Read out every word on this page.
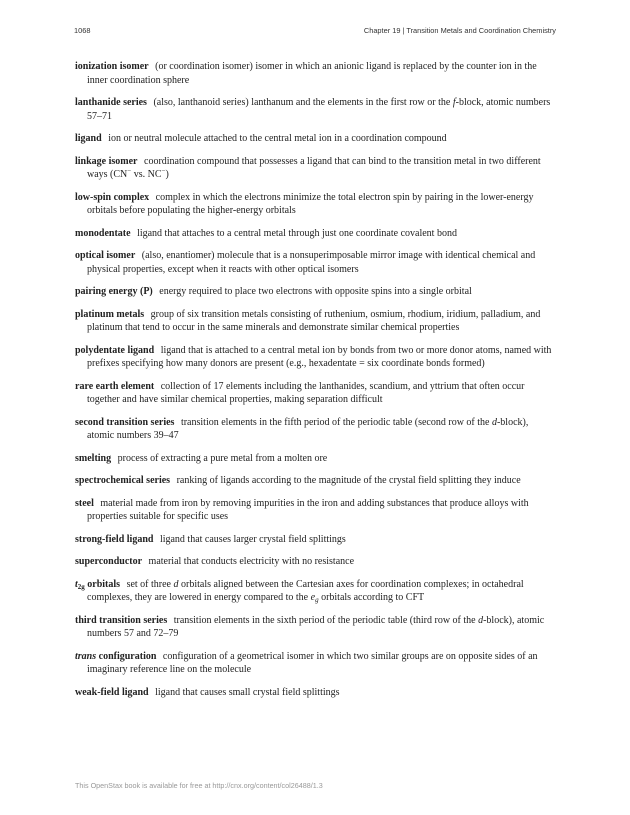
1068	Chapter 19 | Transition Metals and Coordination Chemistry

ionization isomer (or coordination isomer) isomer in which an anionic ligand is replaced by the counter ion in the inner coordination sphere

lanthanide series (also, lanthanoid series) lanthanum and the elements in the first row or the f-block, atomic numbers 57–71

ligand ion or neutral molecule attached to the central metal ion in a coordination compound

linkage isomer coordination compound that possesses a ligand that can bind to the transition metal in two different ways (CN− vs. NC−)

low-spin complex complex in which the electrons minimize the total electron spin by pairing in the lower-energy orbitals before populating the higher-energy orbitals

monodentate ligand that attaches to a central metal through just one coordinate covalent bond

optical isomer (also, enantiomer) molecule that is a nonsuperimposable mirror image with identical chemical and physical properties, except when it reacts with other optical isomers

pairing energy (P) energy required to place two electrons with opposite spins into a single orbital

platinum metals group of six transition metals consisting of ruthenium, osmium, rhodium, iridium, palladium, and platinum that tend to occur in the same minerals and demonstrate similar chemical properties

polydentate ligand ligand that is attached to a central metal ion by bonds from two or more donor atoms, named with prefixes specifying how many donors are present (e.g., hexadentate = six coordinate bonds formed)

rare earth element collection of 17 elements including the lanthanides, scandium, and yttrium that often occur together and have similar chemical properties, making separation difficult

second transition series transition elements in the fifth period of the periodic table (second row of the d-block), atomic numbers 39–47

smelting process of extracting a pure metal from a molten ore

spectrochemical series ranking of ligands according to the magnitude of the crystal field splitting they induce

steel material made from iron by removing impurities in the iron and adding substances that produce alloys with properties suitable for specific uses

strong-field ligand ligand that causes larger crystal field splittings

superconductor material that conducts electricity with no resistance

$t_{2g}$ orbitals set of three d orbitals aligned between the Cartesian axes for coordination complexes; in octahedral complexes, they are lowered in energy compared to the $e_g$ orbitals according to CFT

third transition series transition elements in the sixth period of the periodic table (third row of the d-block), atomic numbers 57 and 72–79

trans configuration configuration of a geometrical isomer in which two similar groups are on opposite sides of an imaginary reference line on the molecule

weak-field ligand ligand that causes small crystal field splittings

This OpenStax book is available for free at http://cnx.org/content/col26488/1.3
